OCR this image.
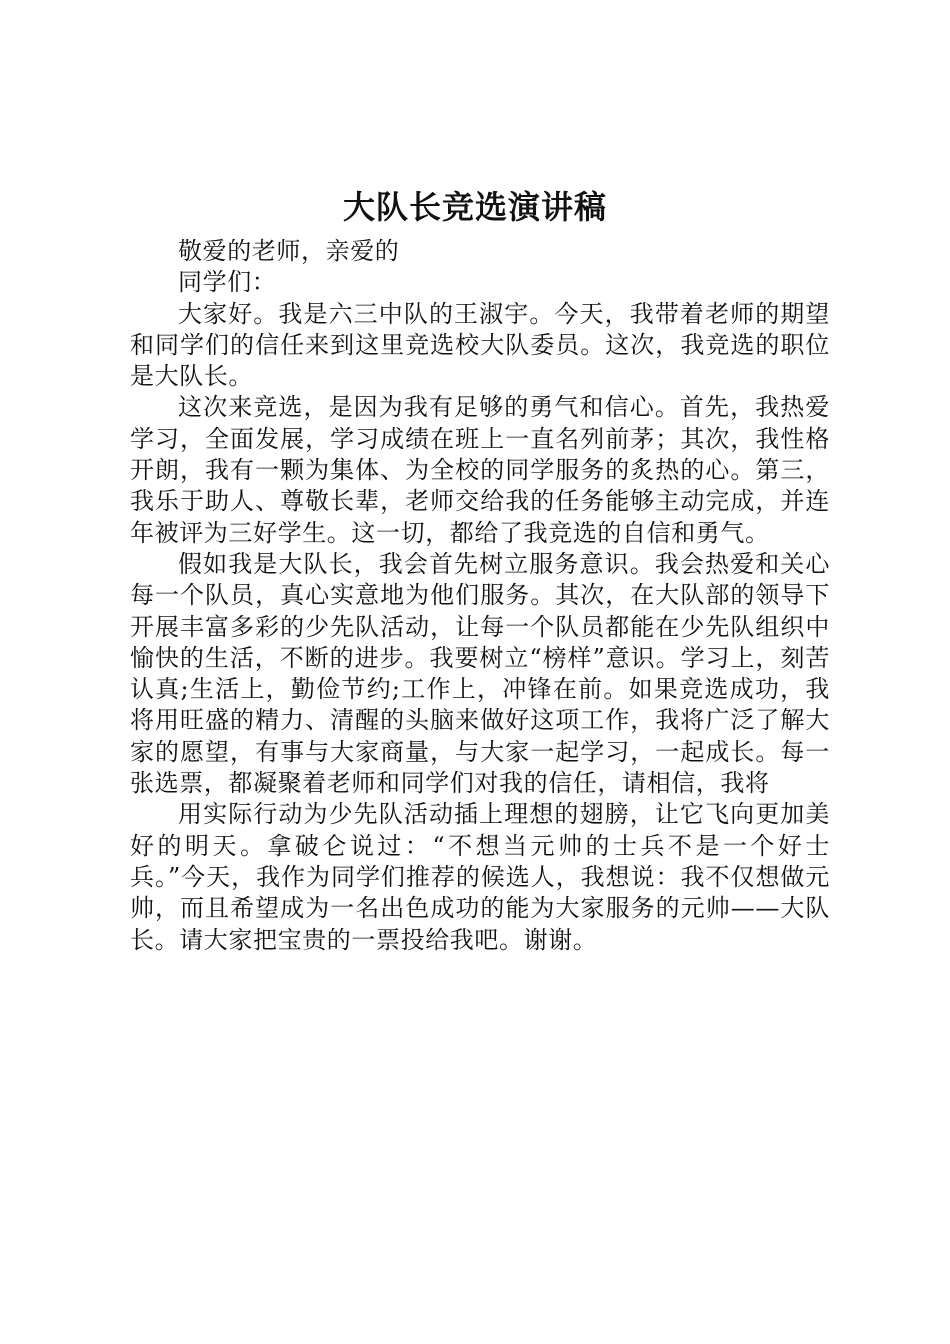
大队长竞选演讲稿

敬爱的老师，亲爱的

同学们：

大家好。我是六三中队的王淑宇。今天，我带着老师的期望和同学们的信任来到这里竞选校大队委员。这次，我竞选的职位是大队长。

这次来竞选，是因为我有足够的勇气和信心。首先，我热爱学习，全面发展，学习成绩在班上一直名列前茅；其次，我性格开朗，我有一颗为集体、为全校的同学服务的炙热的心。第三，我乐于助人、尊敬长辈，老师交给我的任务能够主动完成，并连年被评为三好学生。这一切，都给了我竞选的自信和勇气。

假如我是大队长，我会首先树立服务意识。我会热爱和关心每一个队员，真心实意地为他们服务。其次，在大队部的领导下开展丰富多彩的少先队活动，让每一个队员都能在少先队组织中愉快的生活，不断的进步。我要树立“榜样”意识。学习上，刻苦认真;生活上，勤俭节约;工作上，冲锋在前。如果竞选成功，我将用旺盛的精力、清醒的头脑来做好这项工作，我将广泛了解大家的愿望，有事与大家商量，与大家一起学习，一起成长。每一张选票，都凝聚着老师和同学们对我的信任，请相信，我将

用实际行动为少先队活动插上理想的翅膀，让它飞向更加美好的明天。拿破仑说过：“不想当元帅的士兵不是一个好士兵。”今天，我作为同学们推荐的候选人，我想说：我不仅想做元帅，而且希望成为一名出色成功的能为大家服务的元帅——大队长。请大家把宝贵的一票投给我吧。谢谢。
